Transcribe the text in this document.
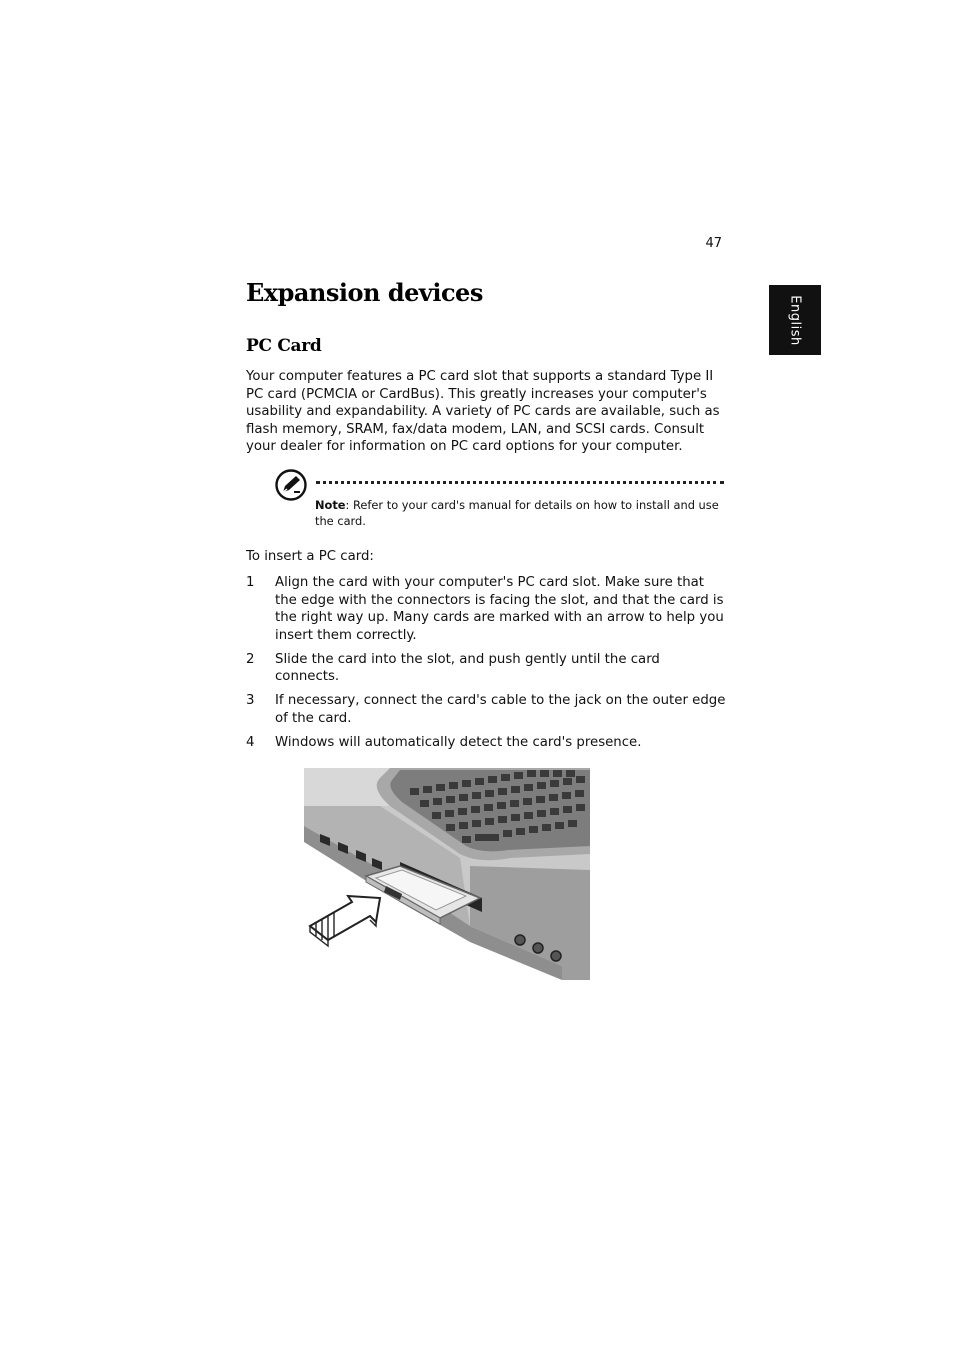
47
English
Expansion devices
PC Card

Your computer features a PC card slot that supports a standard Type II PC card (PCMCIA or CardBus). This greatly increases your computer's usability and expandability. A variety of PC cards are available, such as flash memory, SRAM, fax/data modem, LAN, and SCSI cards. Consult your dealer for information on PC card options for your computer.

Note: Refer to your card's manual for details on how to install and use the card.

To insert a PC card:

1 Align the card with your computer's PC card slot. Make sure that the edge with the connectors is facing the slot, and that the card is the right way up. Many cards are marked with an arrow to help you insert them correctly.
2 Slide the card into the slot, and push gently until the card connects.
3 If necessary, connect the card's cable to the jack on the outer edge of the card.
4 Windows will automatically detect the card's presence.
